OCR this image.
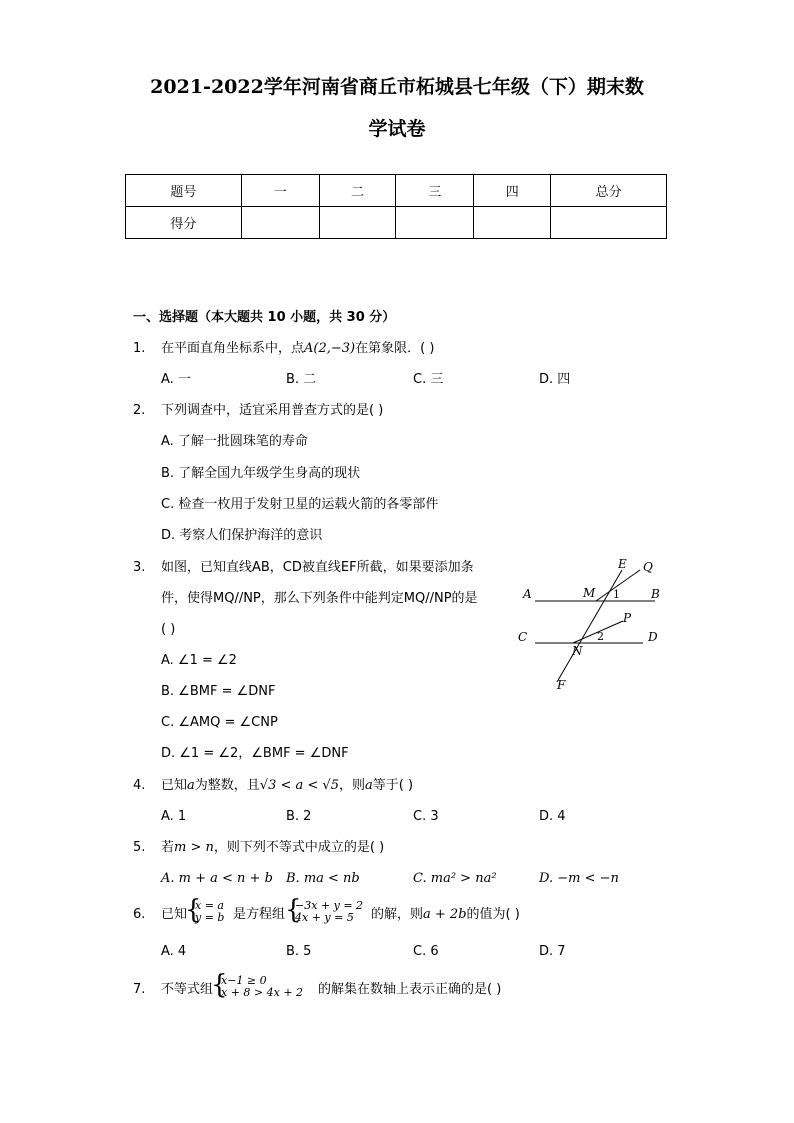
2021-2022学年河南省商丘市柘城县七年级（下）期末数
学试卷
题号	一	二	三	四	总分
得分					
一、选择题（本大题共 10 小题，共 30 分）
1. 在平面直角坐标系中，点A(2,−3)在第象限．( )
A. 一	B. 二	C. 三	D. 四
2. 下列调查中，适宜采用普查方式的是( )
A. 了解一批圆珠笔的寿命
B. 了解全国九年级学生身高的现状
C. 检查一枚用于发射卫星的运载火箭的各零部件
D. 考察人们保护海洋的意识
3. 如图，已知直线AB，CD被直线EF所截，如果要添加条
件，使得MQ//NP，那么下列条件中能判定MQ//NP的是
( )
A. ∠1 = ∠2
B. ∠BMF = ∠DNF
C. ∠AMQ = ∠CNP
D. ∠1 = ∠2，∠BMF = ∠DNF
A	B
C	D
E Q
M 1
P
2
N
F
4. 已知a为整数，且√3 < a < √5，则a等于( )
A. 1	B. 2	C. 3	D. 4
5. 若m > n，则下列不等式中成立的是( )
A. m + a < n + b B. ma < nb	C. ma² > na²	D. −m < −n
6. 已知
{
x = a
y = b 是方程组 {
−3x + y = 2
4x + y = 5	的解，则a + 2b的值为( )
A. 4	B. 5	C. 6	D. 7
7. 不等式组
{
x−1 ≥ 0
x + 8 > 4x + 2 的解集在数轴上表示正确的是( )
